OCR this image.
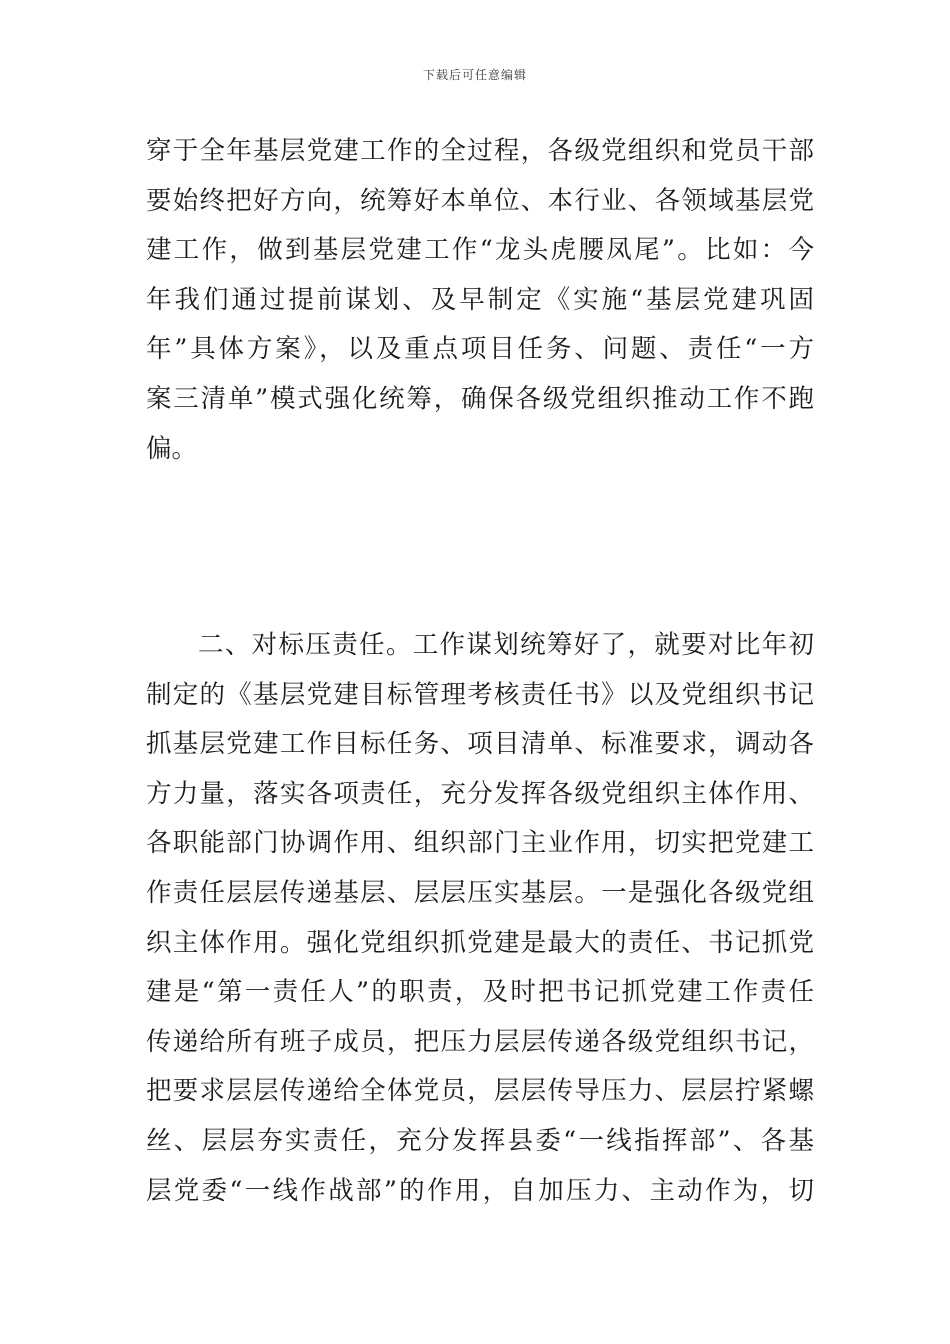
下载后可任意编辑
穿于全年基层党建工作的全过程，各级党组织和党员干部
要始终把好方向，统筹好本单位、本行业、各领域基层党
建工作，做到基层党建工作“龙头虎腰凤尾”。比如：今
年我们通过提前谋划、及早制定《实施“基层党建巩固
年”具体方案》，以及重点项目任务、问题、责任“一方
案三清单”模式强化统筹，确保各级党组织推动工作不跑
偏。
二、对标压责任。工作谋划统筹好了，就要对比年初
制定的《基层党建目标管理考核责任书》以及党组织书记
抓基层党建工作目标任务、项目清单、标准要求，调动各
方力量，落实各项责任，充分发挥各级党组织主体作用、
各职能部门协调作用、组织部门主业作用，切实把党建工
作责任层层传递基层、层层压实基层。一是强化各级党组
织主体作用。强化党组织抓党建是最大的责任、书记抓党
建是“第一责任人”的职责，及时把书记抓党建工作责任
传递给所有班子成员，把压力层层传递各级党组织书记，
把要求层层传递给全体党员，层层传导压力、层层拧紧螺
丝、层层夯实责任，充分发挥县委“一线指挥部”、各基
层党委“一线作战部”的作用，自加压力、主动作为，切
